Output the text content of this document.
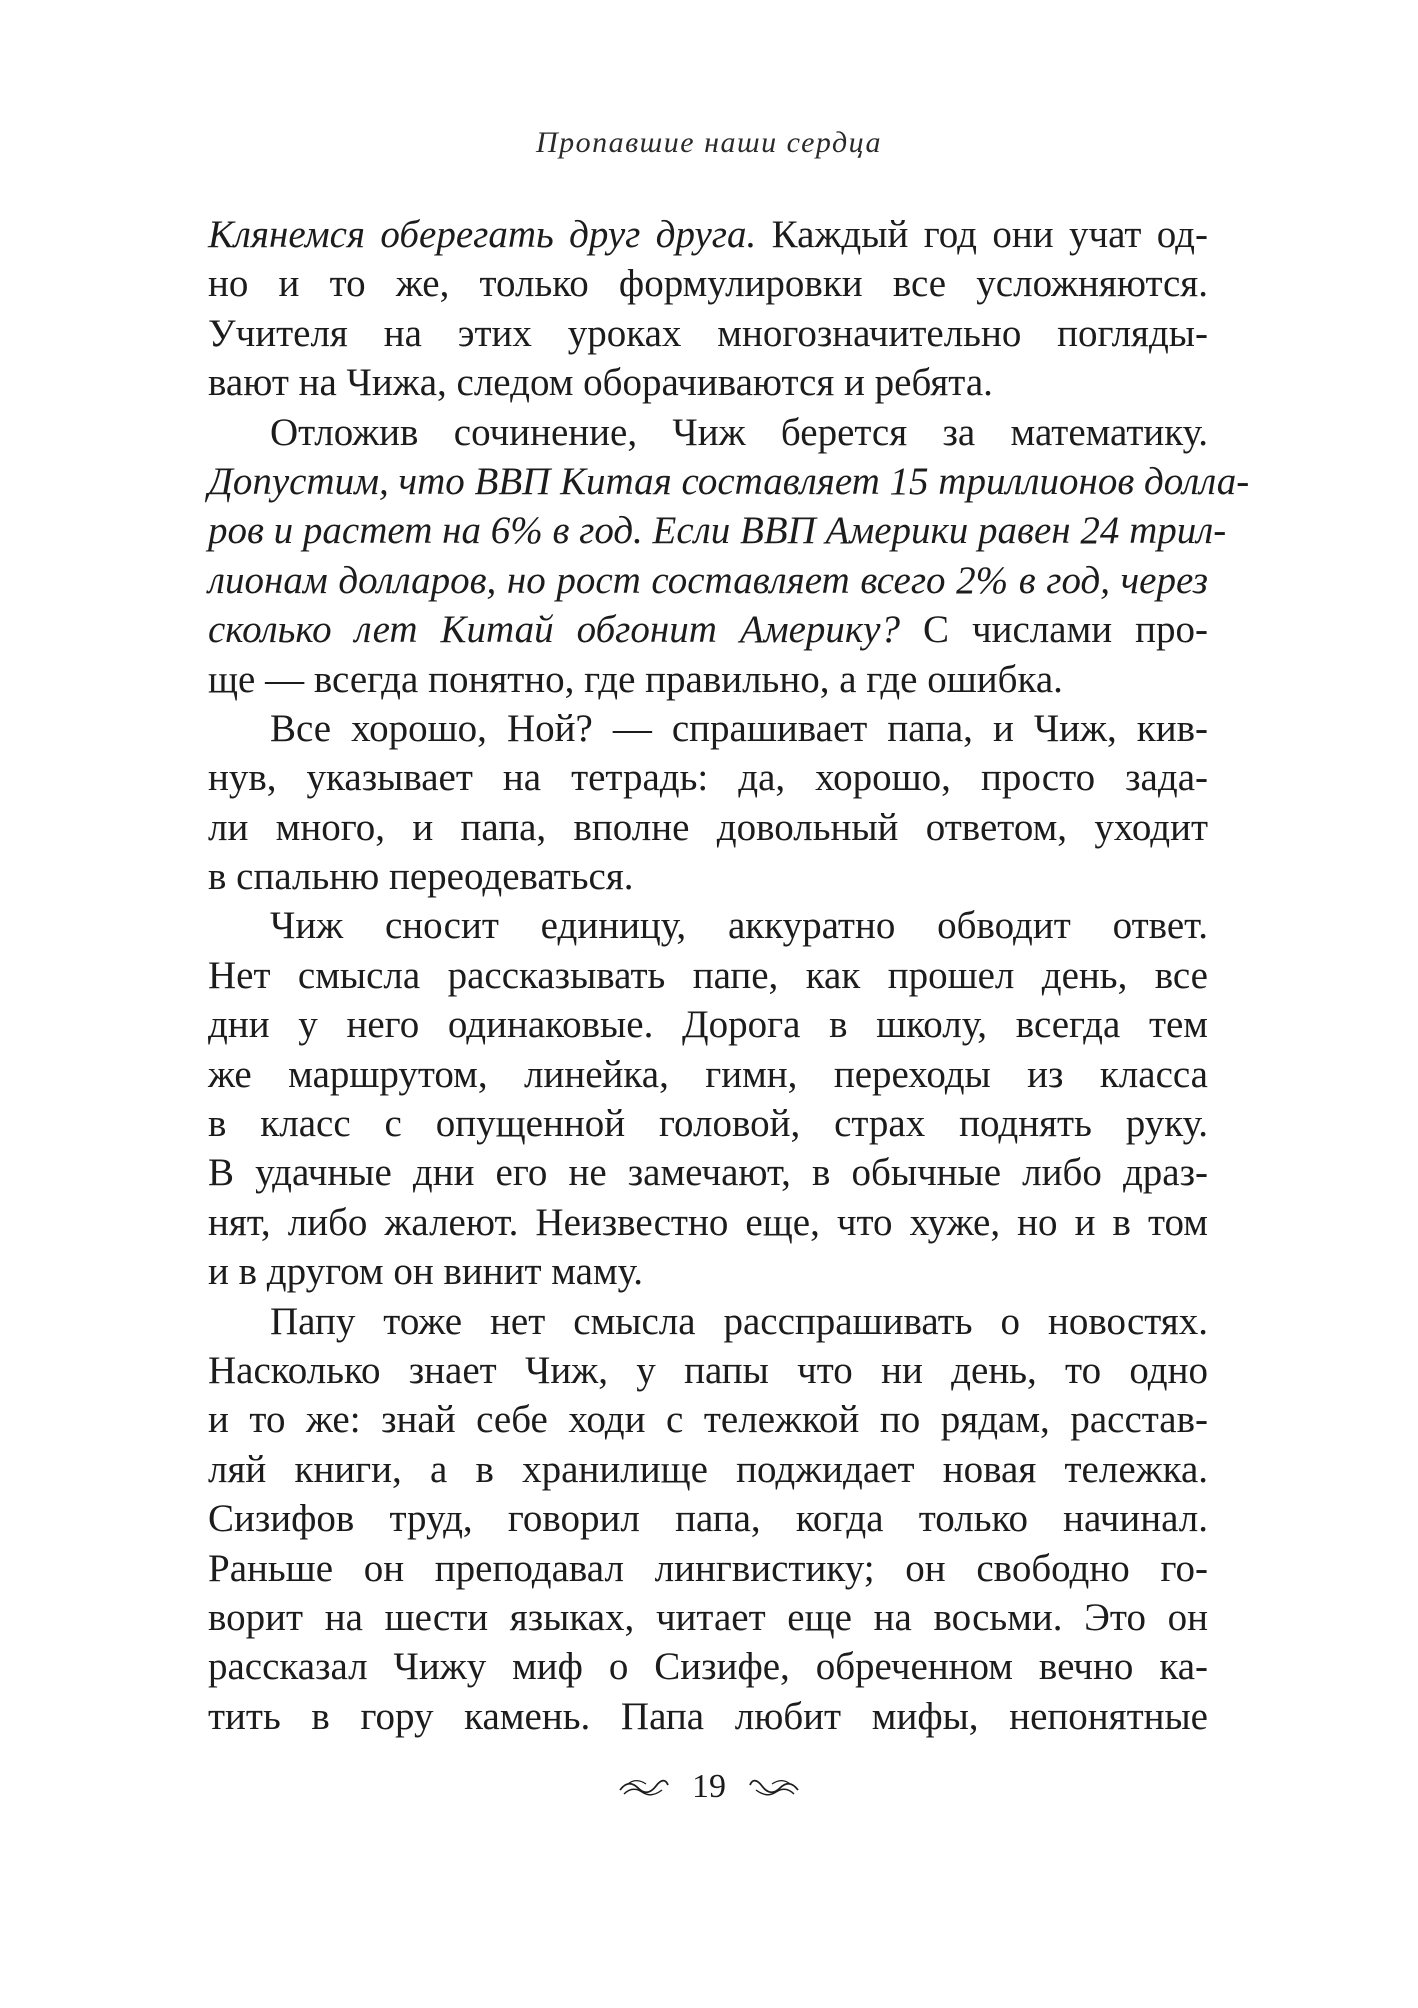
Пропавшие наши сердца
Клянемся оберегать друг друга. Каждый год они учат од-
но и то же, только формулировки все усложняются.
Учителя на этих уроках многозначительно погляды-
вают на Чижа, следом оборачиваются и ребята.
Отложив сочинение, Чиж берется за математику.
Допустим, что ВВП Китая составляет 15 триллионов долла-
ров и растет на 6% в год. Если ВВП Америки равен 24 трил-
лионам долларов, но рост составляет всего 2% в год, через
сколько лет Китай обгонит Америку? С числами про-
ще — всегда понятно, где правильно, а где ошибка.
Все хорошо, Ной? — спрашивает папа, и Чиж, кив-
нув, указывает на тетрадь: да, хорошо, просто зада-
ли много, и папа, вполне довольный ответом, уходит
в спальню переодеваться.
Чиж сносит единицу, аккуратно обводит ответ.
Нет смысла рассказывать папе, как прошел день, все
дни у него одинаковые. Дорога в школу, всегда тем
же маршрутом, линейка, гимн, переходы из класса
в класс с опущенной головой, страх поднять руку.
В удачные дни его не замечают, в обычные либо драз-
нят, либо жалеют. Неизвестно еще, что хуже, но и в том
и в другом он винит маму.
Папу тоже нет смысла расспрашивать о новостях.
Насколько знает Чиж, у папы что ни день, то одно
и то же: знай себе ходи с тележкой по рядам, расстав-
ляй книги, а в хранилище поджидает новая тележка.
Сизифов труд, говорил папа, когда только начинал.
Раньше он преподавал лингвистику; он свободно го-
ворит на шести языках, читает еще на восьми. Это он
рассказал Чижу миф о Сизифе, обреченном вечно ка-
тить в гору камень. Папа любит мифы, непонятные
19
